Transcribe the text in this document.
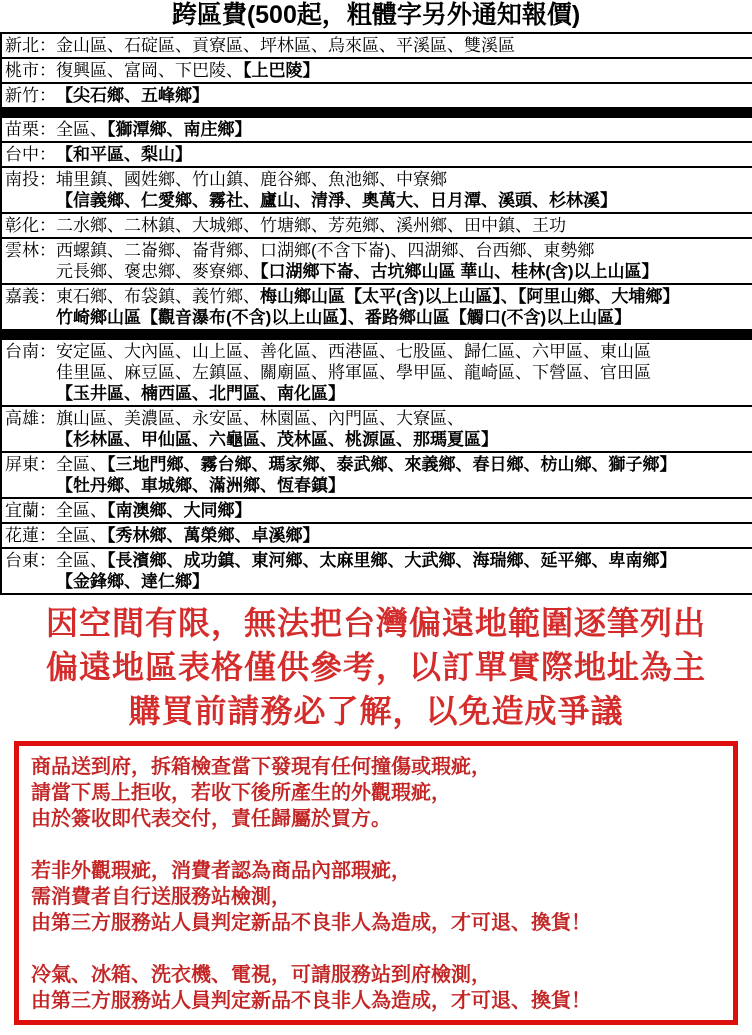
跨區費(500起，粗體字另外通知報價)
新北： 金山區、石碇區、貢寮區、坪林區、烏來區、平溪區、雙溪區
桃市： 復興區、富岡、下巴陵、【上巴陵】
新竹： 【尖石鄉、五峰鄉】
苗栗： 全區、【獅潭鄉、南庄鄉】
台中： 【和平區、梨山】
南投： 埔里鎮、國姓鄉、竹山鎮、鹿谷鄉、魚池鄉、中寮鄉
【信義鄉、仁愛鄉、霧社、廬山、清淨、奧萬大、日月潭、溪頭、杉林溪】
彰化： 二水鄉、二林鎮、大城鄉、竹塘鄉、芳苑鄉、溪州鄉、田中鎮、王功
雲林： 西螺鎮、二崙鄉、崙背鄉、口湖鄉(不含下崙)、四湖鄉、台西鄉、東勢鄉
元長鄉、褒忠鄉、麥寮鄉、【口湖鄉下崙、古坑鄉山區 華山、桂林(含)以上山區】
嘉義： 東石鄉、布袋鎮、義竹鄉、梅山鄉山區【太平(含)以上山區】、【阿里山鄉、大埔鄉】
竹崎鄉山區【觀音瀑布(不含)以上山區】、番路鄉山區【觸口(不含)以上山區】
台南： 安定區、大內區、山上區、善化區、西港區、七股區、歸仁區、六甲區、東山區
佳里區、麻豆區、左鎮區、關廟區、將軍區、學甲區、龍崎區、下營區、官田區
【玉井區、楠西區、北門區、南化區】
高雄： 旗山區、美濃區、永安區、林園區、內門區、大寮區、
【杉林區、甲仙區、六龜區、茂林區、桃源區、那瑪夏區】
屏東： 全區、【三地門鄉、霧台鄉、瑪家鄉、泰武鄉、來義鄉、春日鄉、枋山鄉、獅子鄉】
【牡丹鄉、車城鄉、滿洲鄉、恆春鎮】
宜蘭： 全區、【南澳鄉、大同鄉】
花蓮： 全區、【秀林鄉、萬榮鄉、卓溪鄉】
台東： 全區、【長濱鄉、成功鎮、東河鄉、太麻里鄉、大武鄉、海瑞鄉、延平鄉、卑南鄉】
【金鋒鄉、達仁鄉】
因空間有限，無法把台灣偏遠地範圍逐筆列出
偏遠地區表格僅供參考，以訂單實際地址為主
購買前請務必了解，以免造成爭議
商品送到府，拆箱檢查當下發現有任何撞傷或瑕疵，
請當下馬上拒收，若收下後所產生的外觀瑕疵，
由於簽收即代表交付，責任歸屬於買方。
若非外觀瑕疵，消費者認為商品內部瑕疵，
需消費者自行送服務站檢測，
由第三方服務站人員判定新品不良非人為造成，才可退、換貨！
冷氣、冰箱、洗衣機、電視，可請服務站到府檢測，
由第三方服務站人員判定新品不良非人為造成，才可退、換貨！
